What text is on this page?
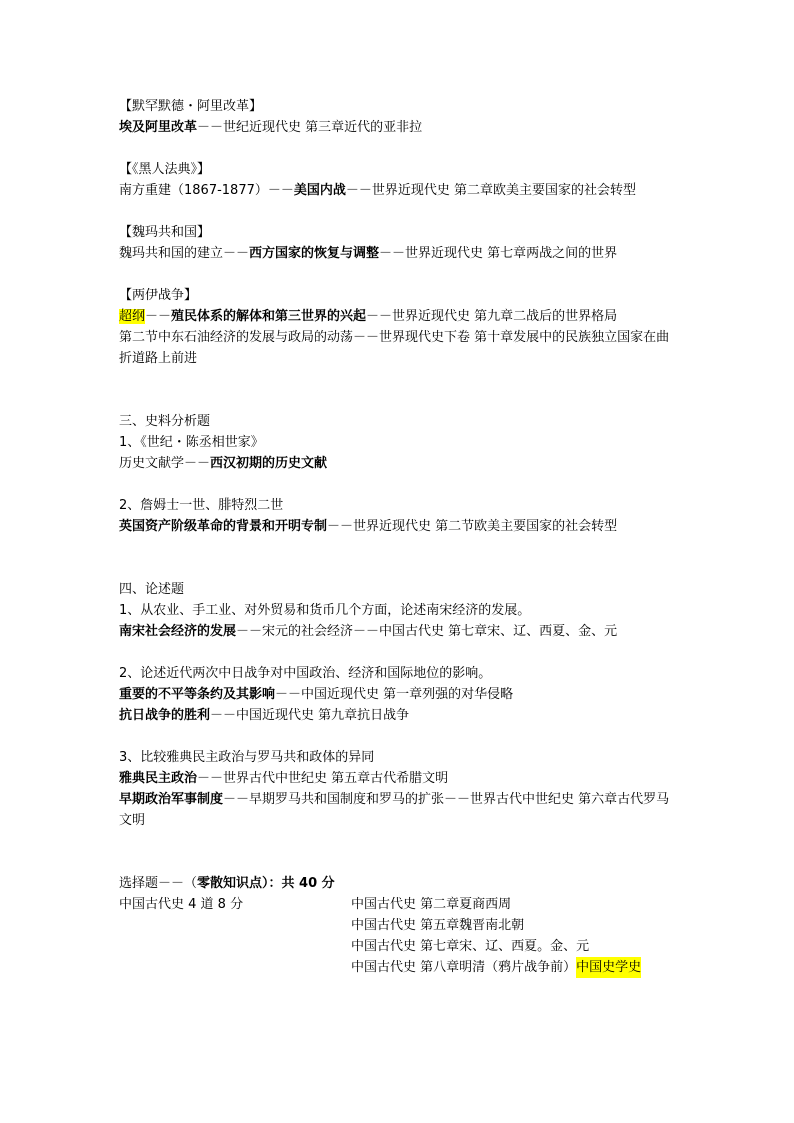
【默罕默德・阿里改革】
埃及阿里改革－－世纪近现代史 第三章近代的亚非拉
【《黑人法典》】
南方重建（1867-1877）－－美国内战－－世界近现代史 第二章欧美主要国家的社会转型
【魏玛共和国】
魏玛共和国的建立－－西方国家的恢复与调整－－世界近现代史 第七章两战之间的世界
【两伊战争】
超纲－－殖民体系的解体和第三世界的兴起－－世界近现代史 第九章二战后的世界格局
第二节中东石油经济的发展与政局的动荡－－世界现代史下卷 第十章发展中的民族独立国家在曲折道路上前进
三、史料分析题
1、《世纪・陈丞相世家》
历史文献学－－西汉初期的历史文献
2、詹姆士一世、腓特烈二世
英国资产阶级革命的背景和开明专制－－世界近现代史 第二节欧美主要国家的社会转型
四、论述题
1、从农业、手工业、对外贸易和货币几个方面，论述南宋经济的发展。
南宋社会经济的发展－－宋元的社会经济－－中国古代史 第七章宋、辽、西夏、金、元
2、论述近代两次中日战争对中国政治、经济和国际地位的影响。
重要的不平等条约及其影响－－中国近现代史 第一章列强的对华侵略
抗日战争的胜利－－中国近现代史 第九章抗日战争
3、比较雅典民主政治与罗马共和政体的异同
雅典民主政治－－世界古代中世纪史 第五章古代希腊文明
早期政治军事制度－－早期罗马共和国制度和罗马的扩张－－世界古代中世纪史 第六章古代罗马文明
选择题－－（零散知识点）：共 40 分
中国古代史 4 道 8 分	中国古代史 第二章夏商西周
中国古代史 第五章魏晋南北朝
中国古代史 第七章宋、辽、西夏。金、元
中国古代史 第八章明清（鸦片战争前） 中国史学史
